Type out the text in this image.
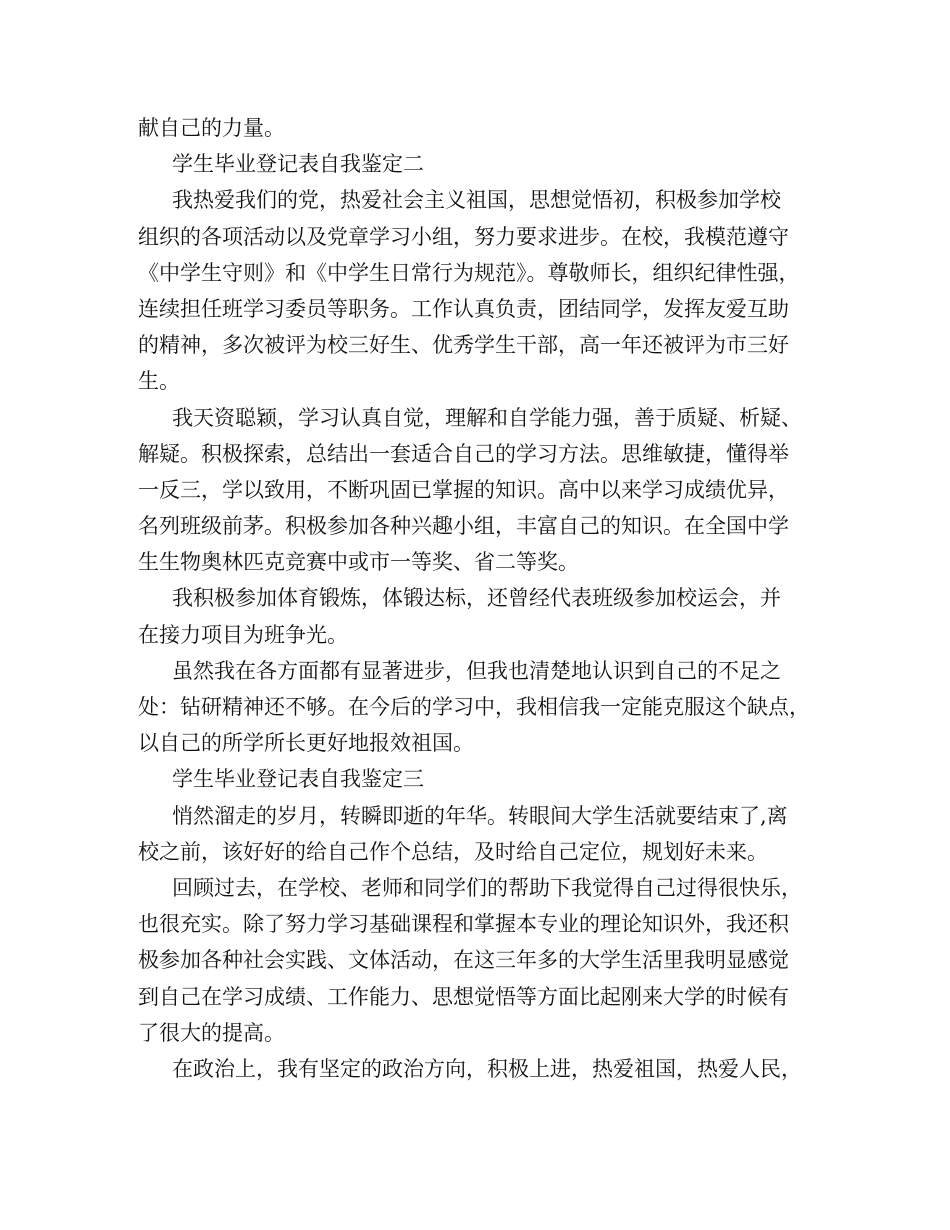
献自己的力量。
学生毕业登记表自我鉴定二
我热爱我们的党，热爱社会主义祖国，思想觉悟初，积极参加学校
组织的各项活动以及党章学习小组，努力要求进步。在校，我模范遵守
《中学生守则》和《中学生日常行为规范》。尊敬师长，组织纪律性强，
连续担任班学习委员等职务。工作认真负责，团结同学，发挥友爱互助
的精神，多次被评为校三好生、优秀学生干部，高一年还被评为市三好
生。
我天资聪颖，学习认真自觉，理解和自学能力强，善于质疑、析疑、
解疑。积极探索，总结出一套适合自己的学习方法。思维敏捷，懂得举
一反三，学以致用，不断巩固已掌握的知识。高中以来学习成绩优异，
名列班级前茅。积极参加各种兴趣小组，丰富自己的知识。在全国中学
生生物奥林匹克竞赛中或市一等奖、省二等奖。
我积极参加体育锻炼，体锻达标，还曾经代表班级参加校运会，并
在接力项目为班争光。
虽然我在各方面都有显著进步，但我也清楚地认识到自己的不足之
处：钻研精神还不够。在今后的学习中，我相信我一定能克服这个缺点，
以自己的所学所长更好地报效祖国。
学生毕业登记表自我鉴定三
悄然溜走的岁月，转瞬即逝的年华。转眼间大学生活就要结束了,离
校之前，该好好的给自己作个总结，及时给自己定位，规划好未来。
回顾过去，在学校、老师和同学们的帮助下我觉得自己过得很快乐，
也很充实。除了努力学习基础课程和掌握本专业的理论知识外，我还积
极参加各种社会实践、文体活动，在这三年多的大学生活里我明显感觉
到自己在学习成绩、工作能力、思想觉悟等方面比起刚来大学的时候有
了很大的提高。
在政治上，我有坚定的政治方向，积极上进，热爱祖国，热爱人民，
